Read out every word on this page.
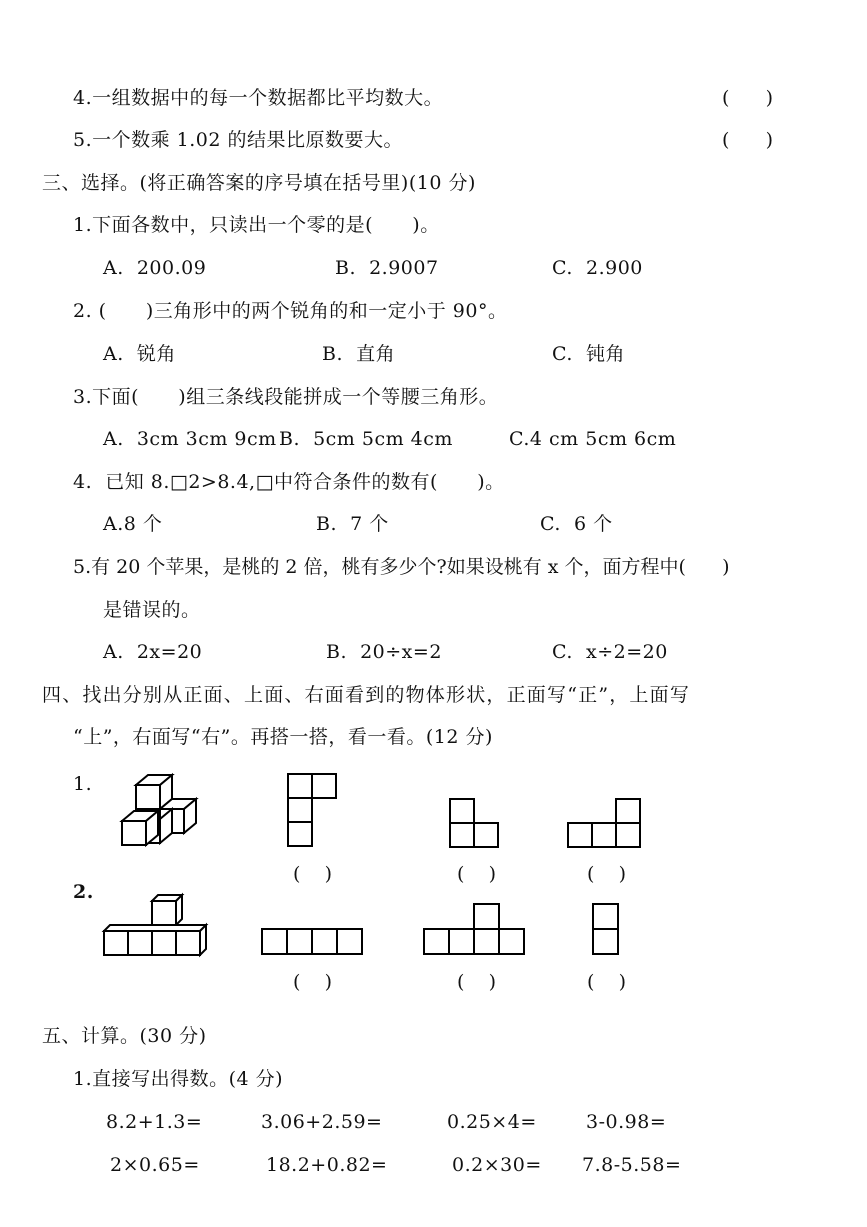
4.一组数据中的每一个数据都比平均数大。	(      )
5.一个数乘 1.02 的结果比原数要大。	(      )
三、选择。(将正确答案的序号填在括号里)(10 分)
1.下面各数中，只读出一个零的是(      )。
A.  200.09	B.  2.9007	C.  2.900
2. (      )三角形中的两个锐角的和一定小于 90°。
A.  锐角	B.  直角	C.  钝角
3.下面(      )组三条线段能拼成一个等腰三角形。
A.  3cm 3cm 9cm B.  5cm 5cm 4cm	C.4 cm 5cm 6cm
4.  已知 8.□2>8.4,□中符合条件的数有(      )。
A.8 个	B.  7 个	C.  6 个
5.有 20 个苹果，是桃的 2 倍，桃有多少个?如果设桃有 x 个，面方程中(      )
是错误的。
A.  2x=20	B.  20÷x=2	C.  x÷2=20
四、找出分别从正面、上面、右面看到的物体形状，正面写“正”，上面写
“上”，右面写“右”。再搭一搭，看一看。(12 分)
1.
(    )	(    )	(    )
2.
(    )	(    )	(    )
五、计算。(30 分)
1.直接写出得数。(4 分)
8.2+1.3=	3.06+2.59=	0.25×4=	3-0.98=
2×0.65=	18.2+0.82=	0.2×30= 7.8-5.58=
